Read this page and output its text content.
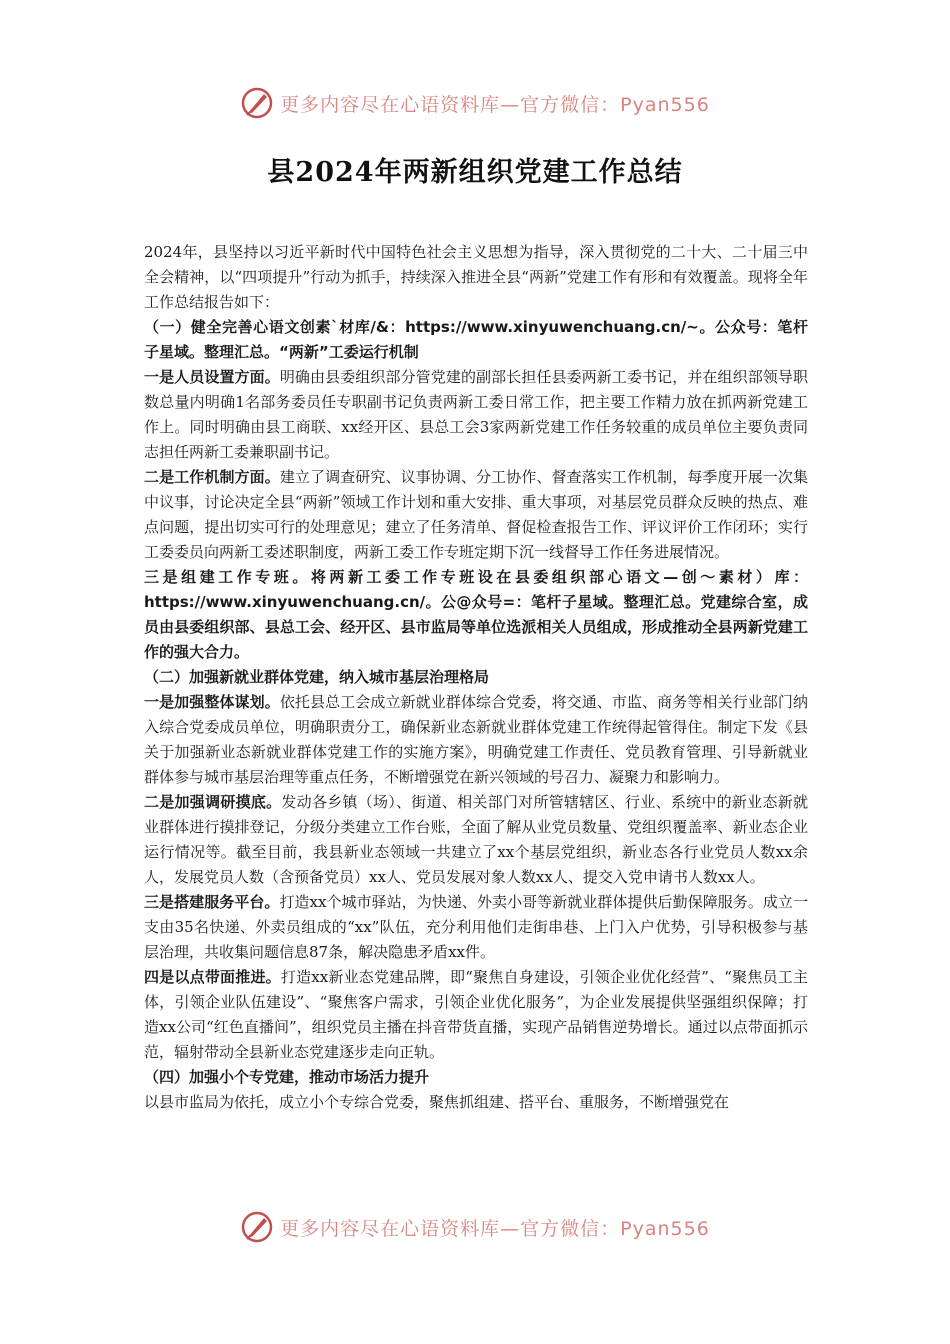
更多内容尽在心语资料库—官方微信：Pyan556
县2024年两新组织党建工作总结

2024年，县坚持以习近平新时代中国特色社会主义思想为指导，深入贯彻党的二十大、二十届三中全会精神，以“四项提升”行动为抓手，持续深入推进全县“两新”党建工作有形和有效覆盖。现将全年工作总结报告如下：

（一）健全完善心语文创素`材库/&：https://www.xinyuwenchuang.cn/~。公众号：笔杆子星域。整理汇总。“两新”工委运行机制

一是人员设置方面。明确由县委组织部分管党建的副部长担任县委两新工委书记，并在组织部领导职数总量内明确1名部务委员任专职副书记负责两新工委日常工作，把主要工作精力放在抓两新党建工作上。同时明确由县工商联、xx经开区、县总工会3家两新党建工作任务较重的成员单位主要负责同志担任两新工委兼职副书记。

二是工作机制方面。建立了调查研究、议事协调、分工协作、督查落实工作机制，每季度开展一次集中议事，讨论决定全县“两新”领域工作计划和重大安排、重大事项，对基层党员群众反映的热点、难点问题，提出切实可行的处理意见；建立了任务清单、督促检查报告工作、评议评价工作闭环；实行工委委员向两新工委述职制度，两新工委工作专班定期下沉一线督导工作任务进展情况。

三是组建工作专班。将两新工委工作专班设在县委组织部心语文—创～素材）库：https://www.xinyuwenchuang.cn/。公@众号=：笔杆子星域。整理汇总。党建综合室，成员由县委组织部、县总工会、经开区、县市监局等单位选派相关人员组成，形成推动全县两新党建工作的强大合力。

（二）加强新就业群体党建，纳入城市基层治理格局

一是加强整体谋划。依托县总工会成立新就业群体综合党委，将交通、市监、商务等相关行业部门纳入综合党委成员单位，明确职责分工，确保新业态新就业群体党建工作统得起管得住。制定下发《县关于加强新业态新就业群体党建工作的实施方案》，明确党建工作责任、党员教育管理、引导新就业群体参与城市基层治理等重点任务，不断增强党在新兴领域的号召力、凝聚力和影响力。

二是加强调研摸底。发动各乡镇（场）、街道、相关部门对所管辖辖区、行业、系统中的新业态新就业群体进行摸排登记，分级分类建立工作台账，全面了解从业党员数量、党组织覆盖率、新业态企业运行情况等。截至目前，我县新业态领域一共建立了xx个基层党组织，新业态各行业党员人数xx余人，发展党员人数（含预备党员）xx人、党员发展对象人数xx人、提交入党申请书人数xx人。

三是搭建服务平台。打造xx个城市驿站，为快递、外卖小哥等新就业群体提供后勤保障服务。成立一支由35名快递、外卖员组成的“xx”队伍，充分利用他们走街串巷、上门入户优势，引导积极参与基层治理，共收集问题信息87条，解决隐患矛盾xx件。

四是以点带面推进。打造xx新业态党建品牌，即“聚焦自身建设，引领企业优化经营”、“聚焦员工主体，引领企业队伍建设”、“聚焦客户需求，引领企业优化服务”，为企业发展提供坚强组织保障；打造xx公司“红色直播间”，组织党员主播在抖音带货直播，实现产品销售逆势增长。通过以点带面抓示范，辐射带动全县新业态党建逐步走向正轨。

（四）加强小个专党建，推动市场活力提升

以县市监局为依托，成立小个专综合党委，聚焦抓组建、搭平台、重服务，不断增强党在

更多内容尽在心语资料库—官方微信：Pyan556
